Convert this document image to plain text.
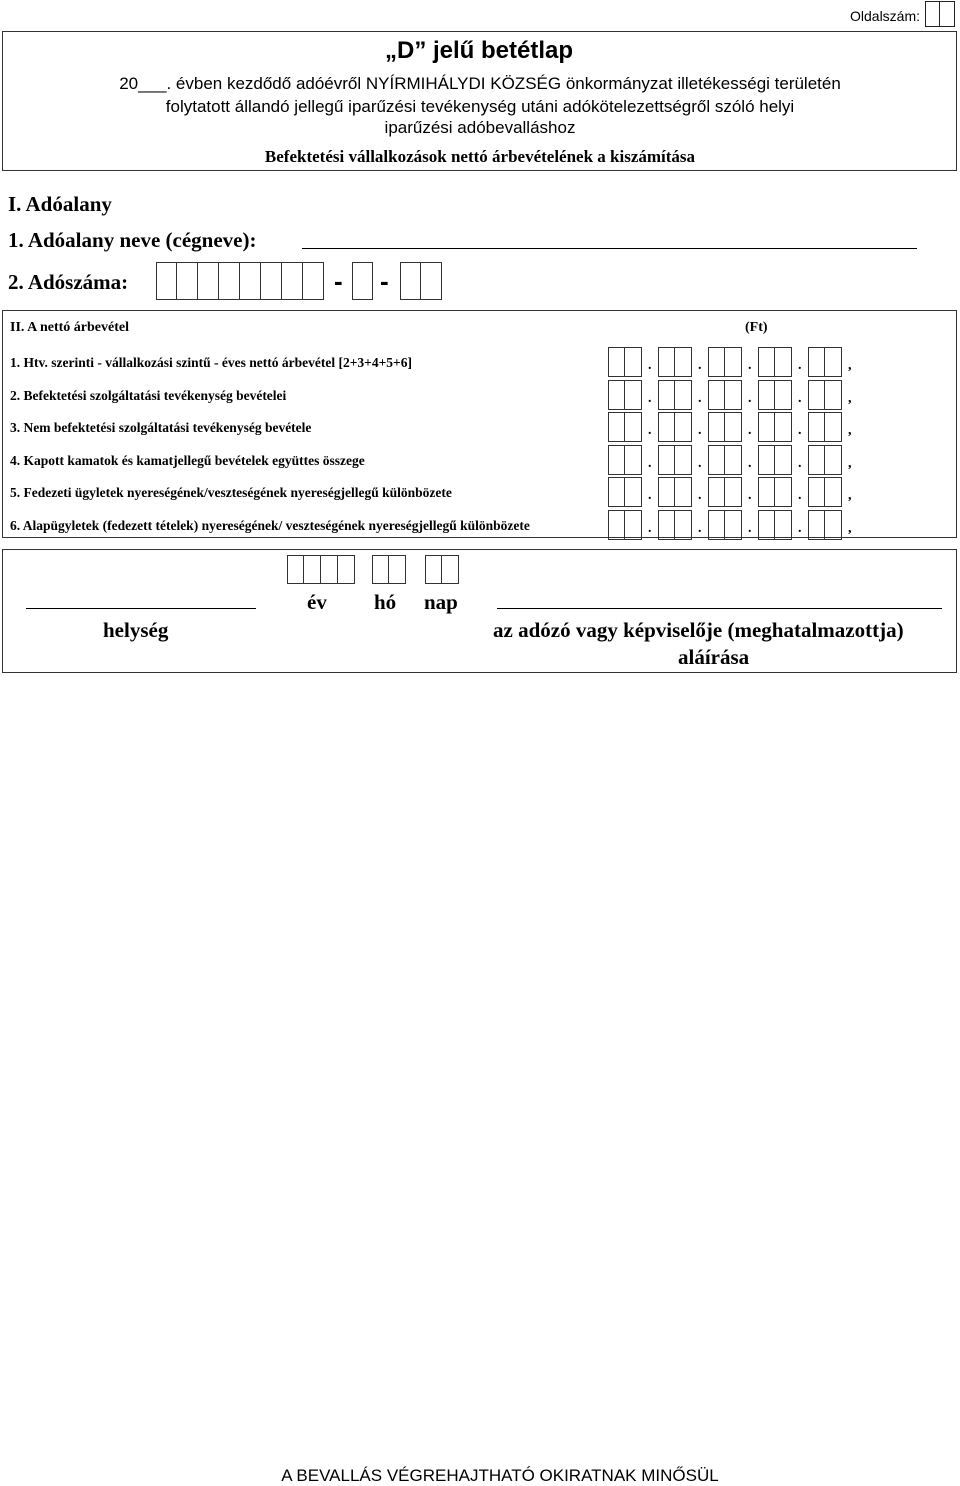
Oldalszám:
„D” jelű betétlap
20___. évben kezdődő adóévről NYÍRMIHÁLYDI KÖZSÉG önkormányzat illetékességi területén
folytatott állandó jellegű iparűzési tevékenység utáni adókötelezettségről szóló helyi
iparűzési adóbevalláshoz
Befektetési vállalkozások nettó árbevételének a kiszámítása
I. Adóalany
1. Adóalany neve (cégneve):
2. Adószáma:	- -
II. A nettó árbevétel	(Ft)
1. Htv. szerinti - vállalkozási szintű - éves nettó árbevétel [2+3+4+5+6]	.	.	.	.	,
2. Befektetési szolgáltatási tevékenység bevételei	.	.	.	.	,
3. Nem befektetési szolgáltatási tevékenység bevétele	.	.	.	.	,
4. Kapott kamatok és kamatjellegű bevételek együttes összege	.	.	.	.	,
5. Fedezeti ügyletek nyereségének/veszteségének nyereségjellegű különbözete	.	.	.	.	,
6. Alapügyletek (fedezett tételek) nyereségének/ veszteségének nyereségjellegű különbözete	.	.	.	.	,
év hó nap
helység	az adózó vagy képviselője (meghatalmazottja)
aláírása
A BEVALLÁS VÉGREHAJTHATÓ OKIRATNAK MINŐSÜL
